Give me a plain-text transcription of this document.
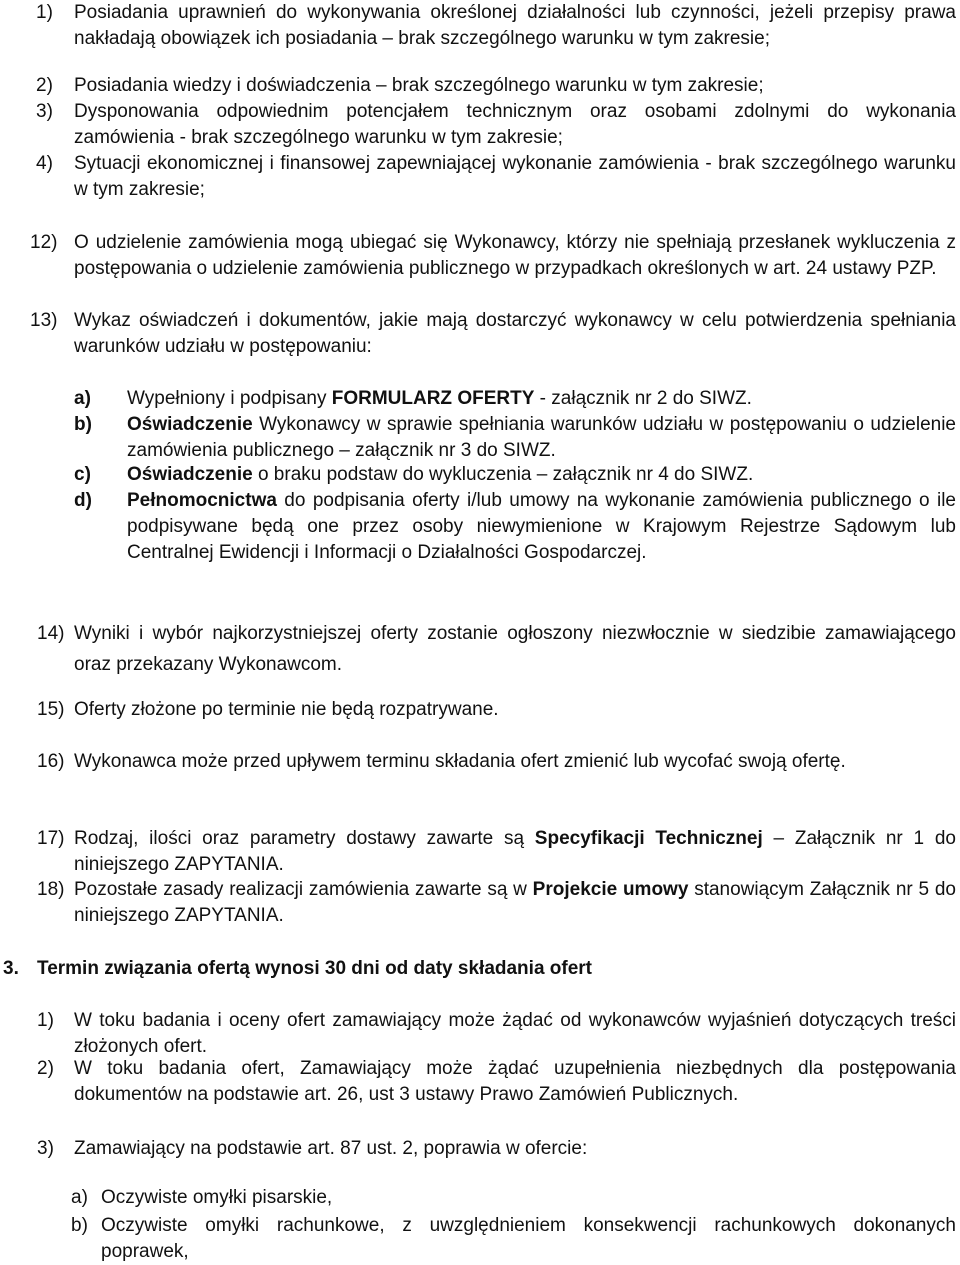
1) Posiadania uprawnień do wykonywania określonej działalności lub czynności, jeżeli przepisy prawa nakładają obowiązek ich posiadania – brak szczególnego warunku w tym zakresie;
2) Posiadania wiedzy i doświadczenia – brak szczególnego warunku w tym zakresie;
3) Dysponowania odpowiednim potencjałem technicznym oraz osobami zdolnymi do wykonania zamówienia - brak szczególnego warunku w tym zakresie;
4) Sytuacji ekonomicznej i finansowej zapewniającej wykonanie zamówienia - brak szczególnego warunku w tym zakresie;
12) O udzielenie zamówienia mogą ubiegać się Wykonawcy, którzy nie spełniają przesłanek wykluczenia z postępowania o udzielenie zamówienia publicznego w przypadkach określonych w art. 24 ustawy PZP.
13) Wykaz oświadczeń i dokumentów, jakie mają dostarczyć wykonawcy w celu potwierdzenia spełniania warunków udziału w postępowaniu:
a) Wypełniony i podpisany FORMULARZ OFERTY - załącznik nr 2 do SIWZ.
b) Oświadczenie Wykonawcy w sprawie spełniania warunków udziału w postępowaniu o udzielenie zamówienia publicznego – załącznik nr 3 do SIWZ.
c) Oświadczenie o braku podstaw do wykluczenia – załącznik nr 4 do SIWZ.
d) Pełnomocnictwa do podpisania oferty i/lub umowy na wykonanie zamówienia publicznego o ile podpisywane będą one przez osoby niewymienione w Krajowym Rejestrze Sądowym lub Centralnej Ewidencji i Informacji o Działalności Gospodarczej.
14) Wyniki i wybór najkorzystniejszej oferty zostanie ogłoszony niezwłocznie w siedzibie zamawiającego oraz przekazany Wykonawcom.
15) Oferty złożone po terminie nie będą rozpatrywane.
16) Wykonawca może przed upływem terminu składania ofert zmienić lub wycofać swoją ofertę.
17) Rodzaj, ilości oraz parametry dostawy zawarte są Specyfikacji Technicznej – Załącznik nr 1 do niniejszego ZAPYTANIA.
18) Pozostałe zasady realizacji zamówienia zawarte są w Projekcie umowy stanowiącym Załącznik nr 5 do niniejszego ZAPYTANIA.
3. Termin związania ofertą wynosi 30 dni od daty składania ofert
1) W toku badania i oceny ofert zamawiający może żądać od wykonawców wyjaśnień dotyczących treści złożonych ofert.
2) W toku badania ofert, Zamawiający może żądać uzupełnienia niezbędnych dla postępowania dokumentów na podstawie art. 26, ust 3 ustawy Prawo Zamówień Publicznych.
3) Zamawiający na podstawie art. 87 ust. 2, poprawia w ofercie:
a) Oczywiste omyłki pisarskie,
b) Oczywiste omyłki rachunkowe, z uwzględnieniem konsekwencji rachunkowych dokonanych poprawek,
